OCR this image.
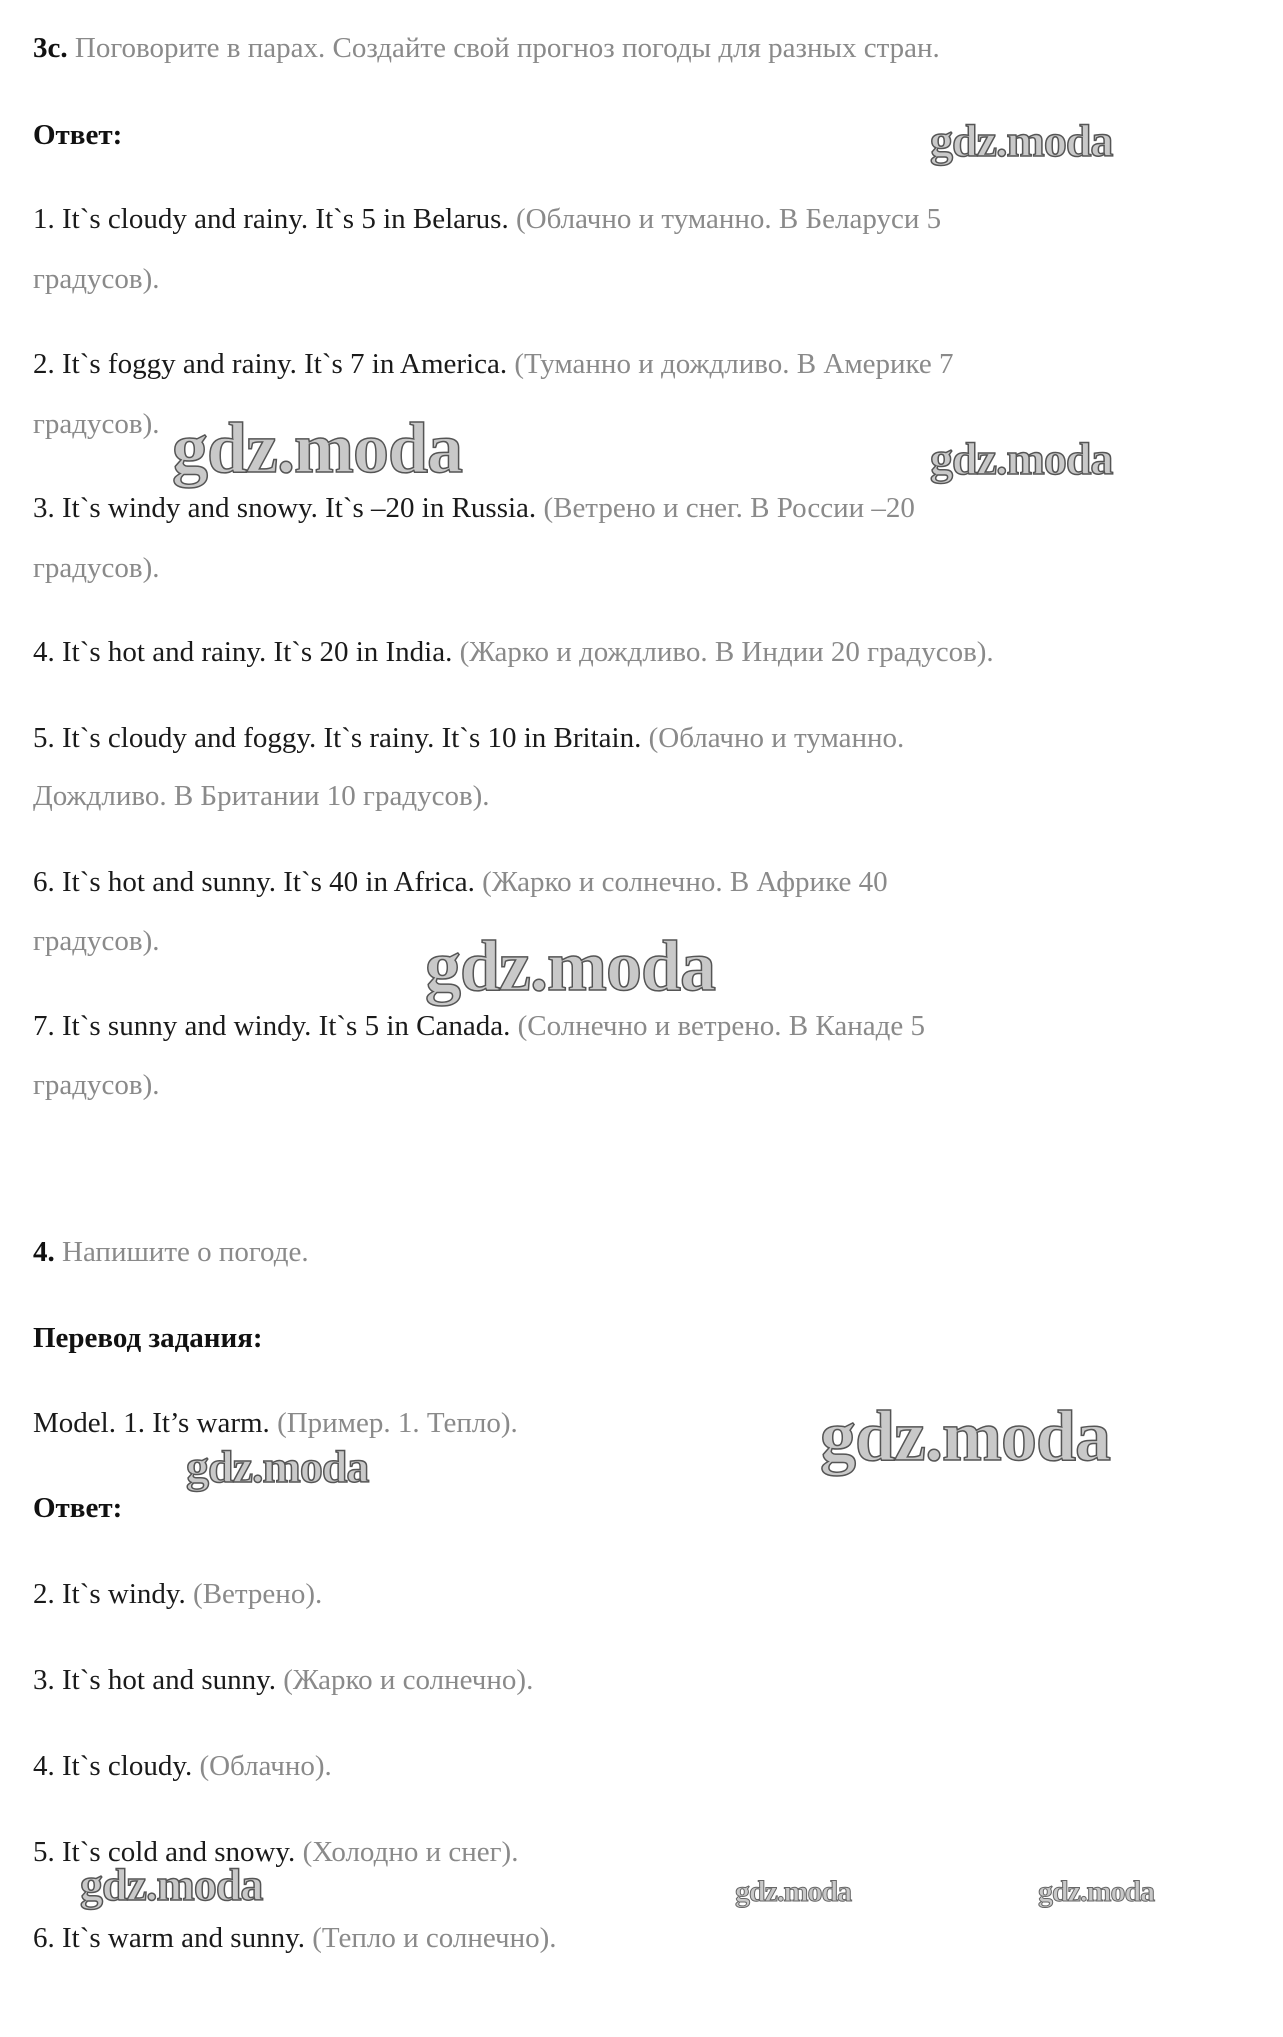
3c. Поговорите в парах. Создайте свой прогноз погоды для разных стран.
Ответ:
1. It`s cloudy and rainy. It`s 5 in Belarus. (Облачно и туманно. В Беларуси 5
градусов).
2. It`s foggy and rainy. It`s 7 in America. (Туманно и дождливо. В Америке 7
градусов).
3. It`s windy and snowy. It`s –20 in Russia. (Ветрено и снег. В России –20
градусов).
4. It`s hot and rainy. It`s 20 in India. (Жарко и дождливо. В Индии 20 градусов).
5. It`s cloudy and foggy. It`s rainy. It`s 10 in Britain. (Облачно и туманно.
Дождливо. В Британии 10 градусов).
6. It`s hot and sunny. It`s 40 in Africa. (Жарко и солнечно. В Африке 40
градусов).
7. It`s sunny and windy. It`s 5 in Canada. (Солнечно и ветрено. В Канаде 5
градусов).
4. Напишите о погоде.
Перевод задания:
Model. 1. It’s warm. (Пример. 1. Тепло).
Ответ:
2. It`s windy. (Ветрено).
3. It`s hot and sunny. (Жарко и солнечно).
4. It`s cloudy. (Облачно).
5. It`s cold and snowy. (Холодно и снег).
6. It`s warm and sunny. (Тепло и солнечно).
gdz.moda
gdz.moda	gdz.moda
gdz.moda
gdz.moda
gdz.moda
gdz.moda	gdz.moda	gdz.moda
